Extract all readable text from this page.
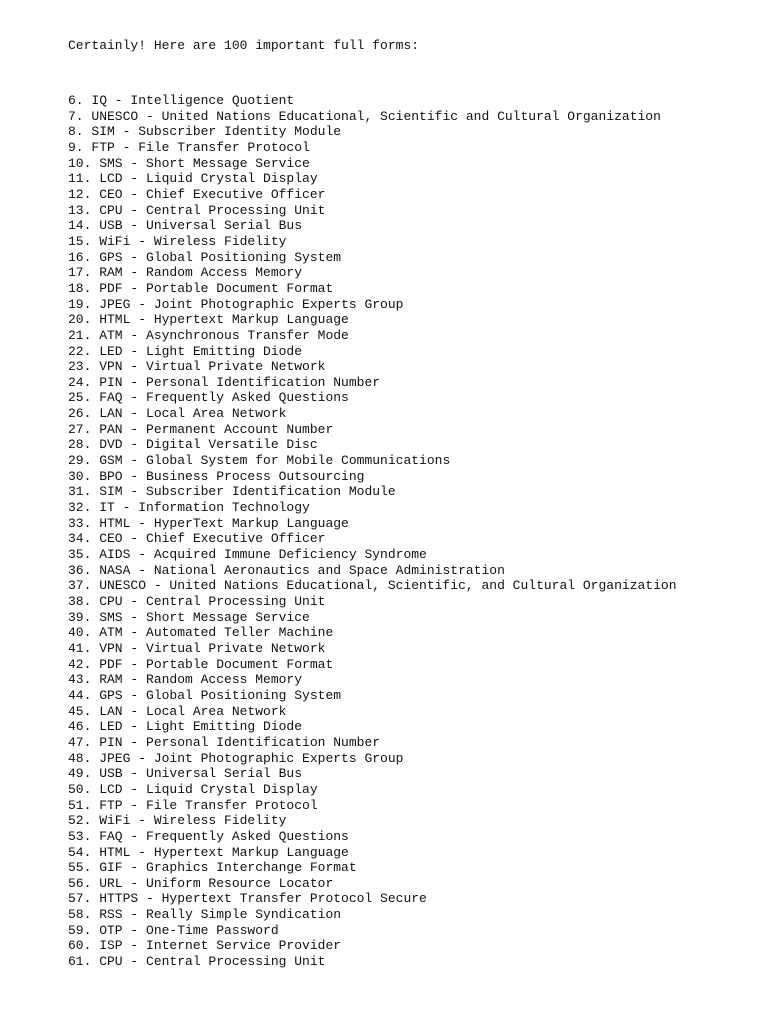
Certainly! Here are 100 important full forms:
6. IQ - Intelligence Quotient
7. UNESCO - United Nations Educational, Scientific and Cultural Organization
8. SIM - Subscriber Identity Module
9. FTP - File Transfer Protocol
10. SMS - Short Message Service
11. LCD - Liquid Crystal Display
12. CEO - Chief Executive Officer
13. CPU - Central Processing Unit
14. USB - Universal Serial Bus
15. WiFi - Wireless Fidelity
16. GPS - Global Positioning System
17. RAM - Random Access Memory
18. PDF - Portable Document Format
19. JPEG - Joint Photographic Experts Group
20. HTML - Hypertext Markup Language
21. ATM - Asynchronous Transfer Mode
22. LED - Light Emitting Diode
23. VPN - Virtual Private Network
24. PIN - Personal Identification Number
25. FAQ - Frequently Asked Questions
26. LAN - Local Area Network
27. PAN - Permanent Account Number
28. DVD - Digital Versatile Disc
29. GSM - Global System for Mobile Communications
30. BPO - Business Process Outsourcing
31. SIM - Subscriber Identification Module
32. IT - Information Technology
33. HTML - HyperText Markup Language
34. CEO - Chief Executive Officer
35. AIDS - Acquired Immune Deficiency Syndrome
36. NASA - National Aeronautics and Space Administration
37. UNESCO - United Nations Educational, Scientific, and Cultural Organization
38. CPU - Central Processing Unit
39. SMS - Short Message Service
40. ATM - Automated Teller Machine
41. VPN - Virtual Private Network
42. PDF - Portable Document Format
43. RAM - Random Access Memory
44. GPS - Global Positioning System
45. LAN - Local Area Network
46. LED - Light Emitting Diode
47. PIN - Personal Identification Number
48. JPEG - Joint Photographic Experts Group
49. USB - Universal Serial Bus
50. LCD - Liquid Crystal Display
51. FTP - File Transfer Protocol
52. WiFi - Wireless Fidelity
53. FAQ - Frequently Asked Questions
54. HTML - Hypertext Markup Language
55. GIF - Graphics Interchange Format
56. URL - Uniform Resource Locator
57. HTTPS - Hypertext Transfer Protocol Secure
58. RSS - Really Simple Syndication
59. OTP - One-Time Password
60. ISP - Internet Service Provider
61. CPU - Central Processing Unit
